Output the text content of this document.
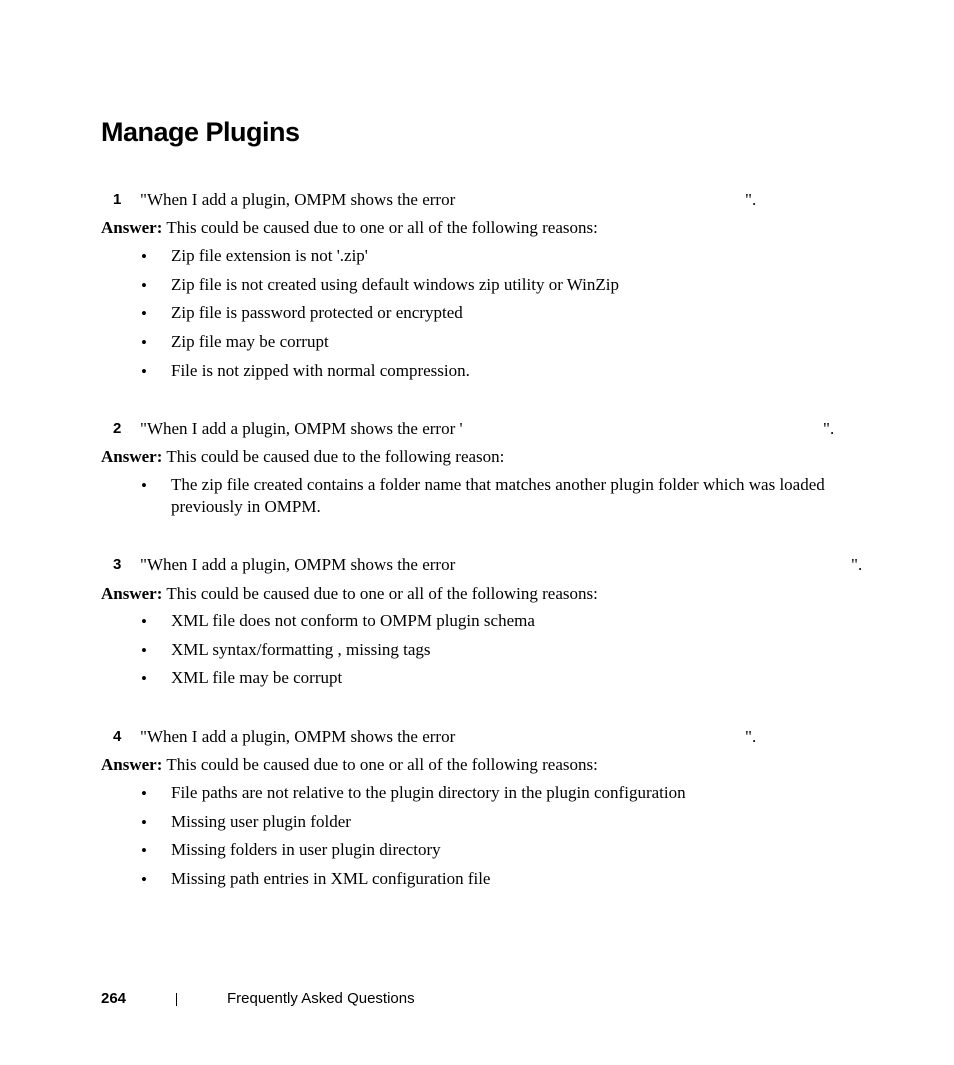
Manage Plugins
1 "When I add a plugin, OMPM shows the error	".
Answer: This could be caused due to one or all of the following reasons:
• Zip file extension is not '.zip'
• Zip file is not created using default windows zip utility or WinZip
• Zip file is password protected or encrypted
• Zip file may be corrupt
• File is not zipped with normal compression.
2 "When I add a plugin, OMPM shows the error '	".
Answer: This could be caused due to the following reason:
• The zip file created contains a folder name that matches another plugin folder which was loaded previously in OMPM.
3 "When I add a plugin, OMPM shows the error	".
Answer: This could be caused due to one or all of the following reasons:
• XML file does not conform to OMPM plugin schema
• XML syntax/formatting , missing tags
• XML file may be corrupt
4 "When I add a plugin, OMPM shows the error	".
Answer: This could be caused due to one or all of the following reasons:
• File paths are not relative to the plugin directory in the plugin configuration
• Missing user plugin folder
• Missing folders in user plugin directory
• Missing path entries in XML configuration file
264	Frequently Asked Questions
